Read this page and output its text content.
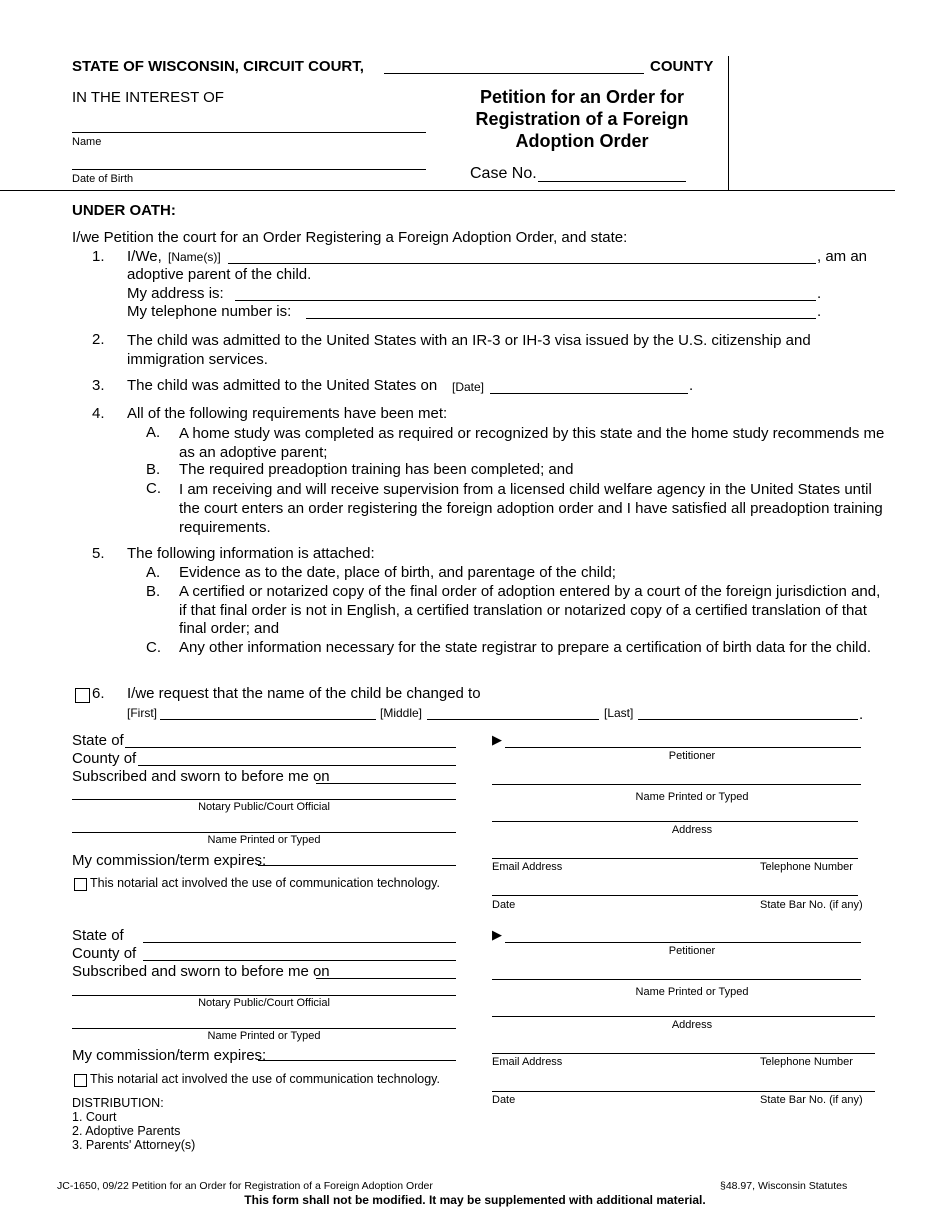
STATE OF WISCONSIN, CIRCUIT COURT,	COUNTY
IN THE INTEREST OF
Name
Date of Birth
Petition for an Order for Registration of a Foreign Adoption Order
Case No.
UNDER OATH:
I/we Petition the court for an Order Registering a Foreign Adoption Order, and state:
1. I/We, [Name(s)]	, am an
adoptive parent of the child.
My address is:	.
My telephone number is:	.
2. The child was admitted to the United States with an IR-3 or IH-3 visa issued by the U.S. citizenship and immigration services.
3. The child was admitted to the United States on [Date]	.
4. All of the following requirements have been met:
A. A home study was completed as required or recognized by this state and the home study recommends me as an adoptive parent;
B. The required preadoption training has been completed; and
C. I am receiving and will receive supervision from a licensed child welfare agency in the United States until the court enters an order registering the foreign adoption order and I have satisfied all preadoption training requirements.
5. The following information is attached:
A. Evidence as to the date, place of birth, and parentage of the child;
B. A certified or notarized copy of the final order of adoption entered by a court of the foreign jurisdiction and, if that final order is not in English, a certified translation or notarized copy of a certified translation of that final order; and
C. Any other information necessary for the state registrar to prepare a certification of birth data for the child.
6. I/we request that the name of the child be changed to
[First]	[Middle]	[Last]	.
State of
County of
Subscribed and sworn to before me on
Notary Public/Court Official
Name Printed or Typed
My commission/term expires:
This notarial act involved the use of communication technology.
▶
Petitioner
Name Printed or Typed
Address
Email Address	Telephone Number
Date	State Bar No. (if any)
State of
County of
Subscribed and sworn to before me on
Notary Public/Court Official
Name Printed or Typed
My commission/term expires:
This notarial act involved the use of communication technology.
▶
Petitioner
Name Printed or Typed
Address
Email Address	Telephone Number
Date	State Bar No. (if any)
DISTRIBUTION:
1. Court
2. Adoptive Parents
3. Parents' Attorney(s)
JC-1650, 09/22 Petition for an Order for Registration of a Foreign Adoption Order	§48.97, Wisconsin Statutes
This form shall not be modified. It may be supplemented with additional material.
